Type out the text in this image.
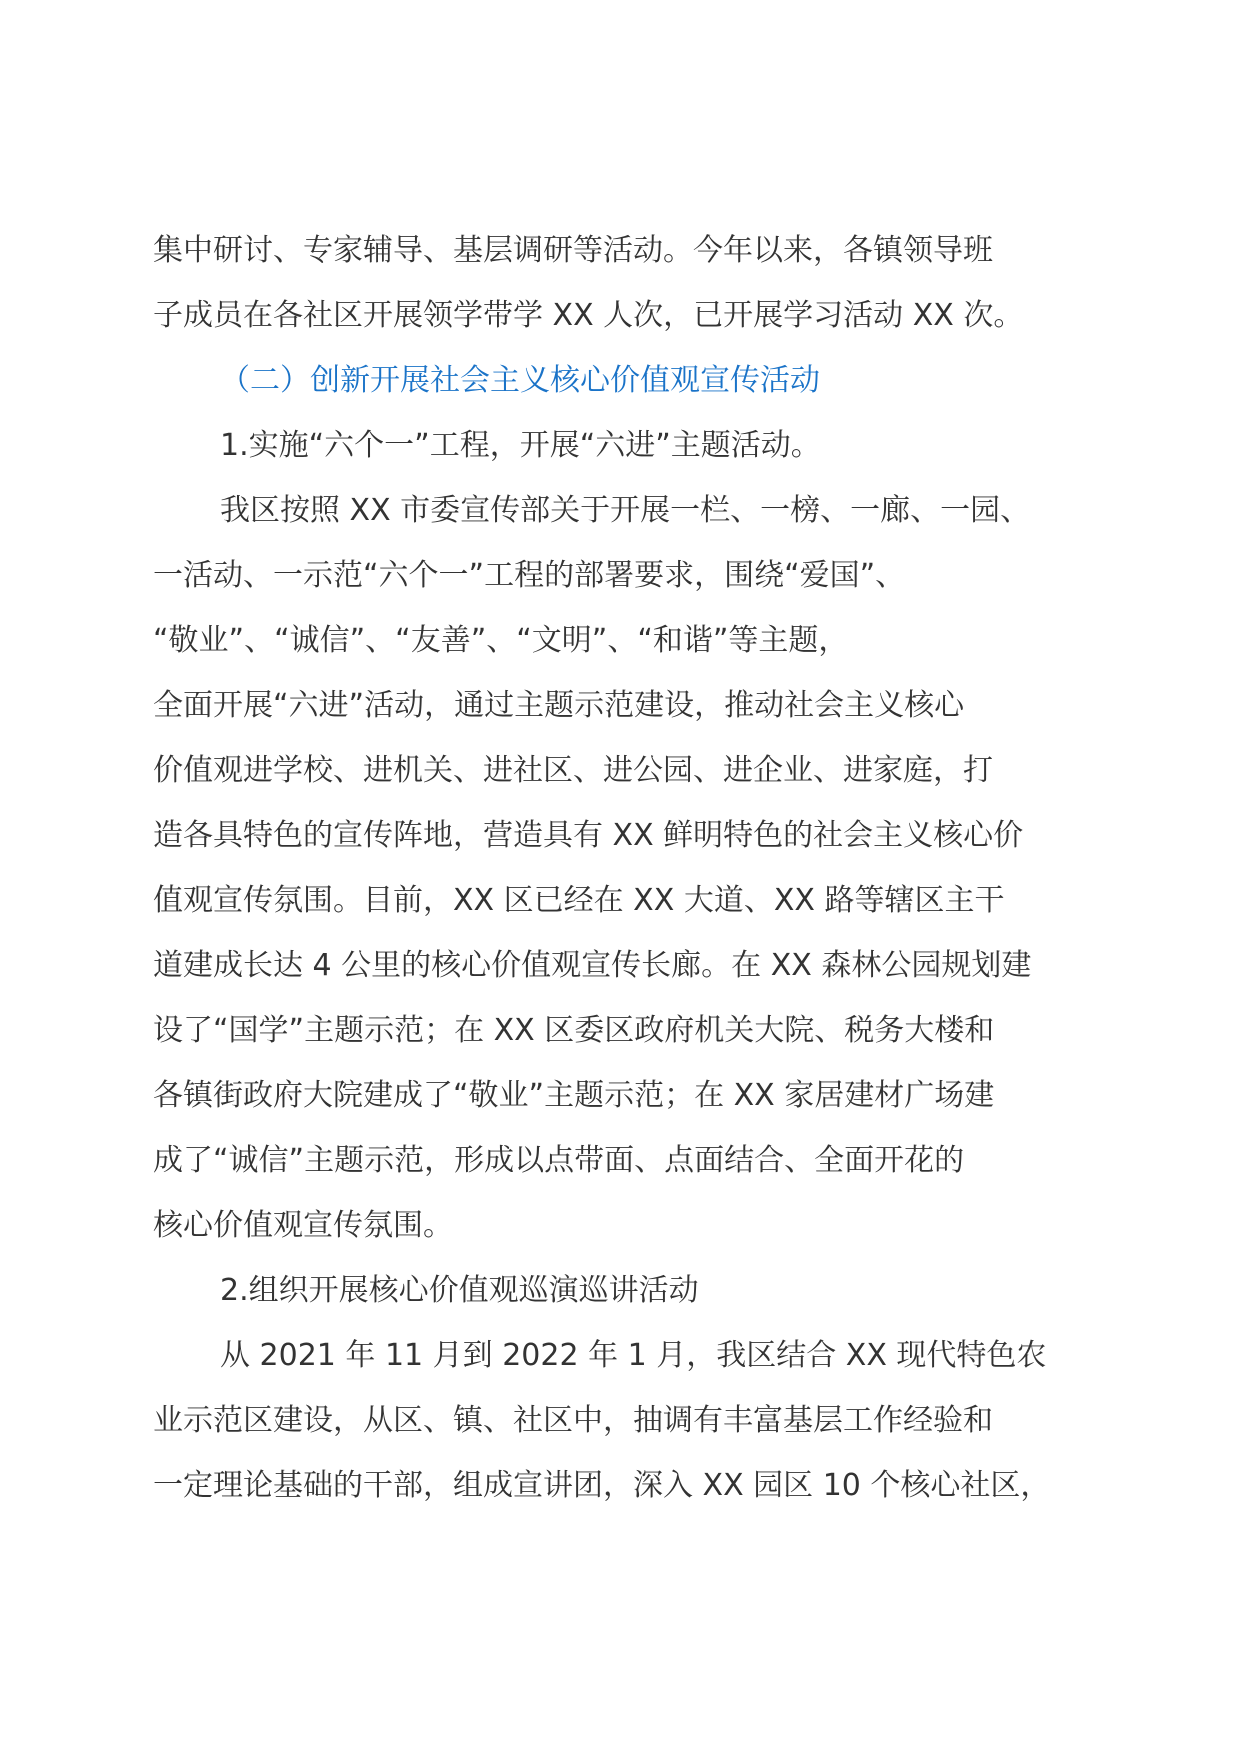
集中研讨、专家辅导、基层调研等活动。今年以来，各镇领导班
子成员在各社区开展领学带学 XX 人次，已开展学习活动 XX 次。
（二）创新开展社会主义核心价值观宣传活动
1.实施“六个一”工程，开展“六进”主题活动。
我区按照 XX 市委宣传部关于开展一栏、一榜、一廊、一园、
一活动、一示范“六个一”工程的部署要求，围绕“爱国”、
“敬业”、“诚信”、“友善”、“文明”、“和谐”等主题，
全面开展“六进”活动，通过主题示范建设，推动社会主义核心
价值观进学校、进机关、进社区、进公园、进企业、进家庭，打
造各具特色的宣传阵地，营造具有 XX 鲜明特色的社会主义核心价
值观宣传氛围。目前，XX 区已经在 XX 大道、XX 路等辖区主干
道建成长达 4 公里的核心价值观宣传长廊。在 XX 森林公园规划建
设了“国学”主题示范；在 XX 区委区政府机关大院、税务大楼和
各镇街政府大院建成了“敬业”主题示范；在 XX 家居建材广场建
成了“诚信”主题示范，形成以点带面、点面结合、全面开花的
核心价值观宣传氛围。
2.组织开展核心价值观巡演巡讲活动
从 2021 年 11 月到 2022 年 1 月，我区结合 XX 现代特色农
业示范区建设，从区、镇、社区中，抽调有丰富基层工作经验和
一定理论基础的干部，组成宣讲团，深入 XX 园区 10 个核心社区，
